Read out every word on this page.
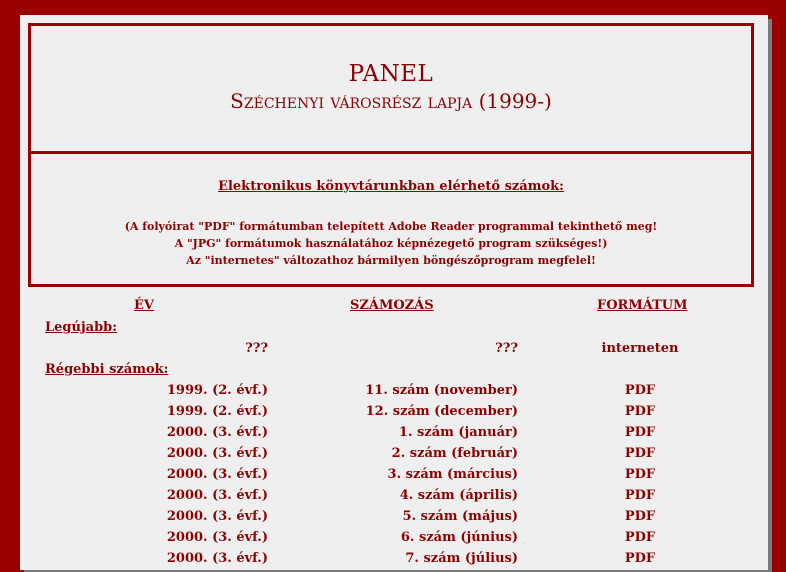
PANEL
Széchenyi városrész lapja (1999-)
Elektronikus könyvtárunkban elérhető számok:
(A folyóirat "PDF" formátumban telepített Adobe Reader programmal tekinthető meg!
A "JPG" formátumok használatához képnézegető program szükséges!)
Az "internetes" változathoz bármilyen böngészőprogram megfelel!
ÉV	SZÁMOZÁS	FORMÁTUM
Legújabb:
???	???	interneten
Régebbi számok:
1999. (2. évf.)	11. szám (november)	PDF
1999. (2. évf.)	12. szám (december)	PDF
2000. (3. évf.)	1. szám (január)	PDF
2000. (3. évf.)	2. szám (február)	PDF
2000. (3. évf.)	3. szám (március)	PDF
2000. (3. évf.)	4. szám (április)	PDF
2000. (3. évf.)	5. szám (május)	PDF
2000. (3. évf.)	6. szám (június)	PDF
2000. (3. évf.)	7. szám (július)	PDF
